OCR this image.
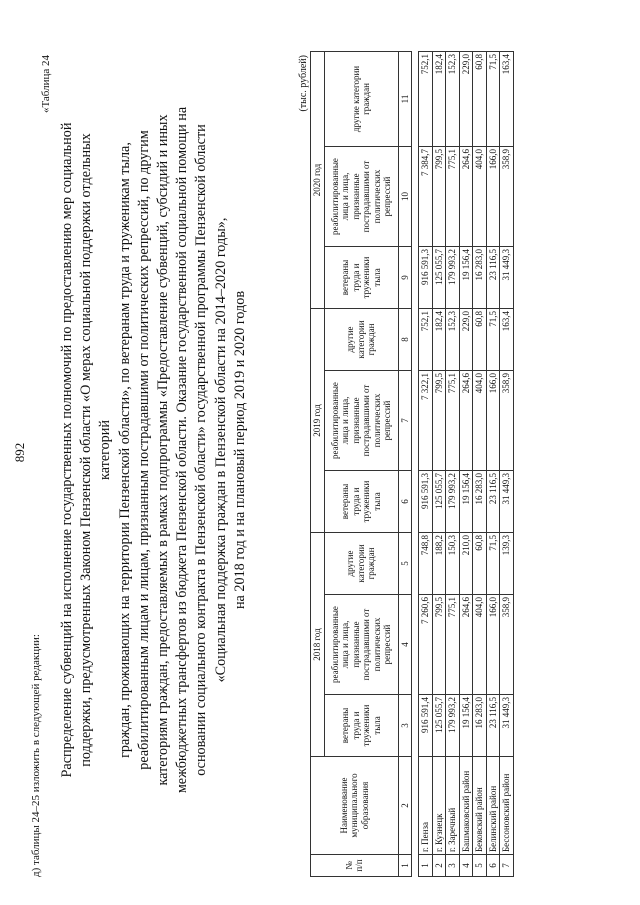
892
д) таблицы 24–25 изложить в следующей редакции:
«Таблица 24
Распределение субвенций на исполнение государственных полномочий по предоставлению мер социальной поддержки, предусмотренных Законом Пензенской области «О мерах социальной поддержки отдельных категорий граждан, проживающих на территории Пензенской области», по ветеранам труда и труженикам тыла, реабилитированным лицам и лицам, признанным пострадавшими от политических репрессий, по другим категориям граждан, предоставляемых в рамках подпрограммы «Предоставление субвенций, субсидий и иных межбюджетных трансфертов из бюджета Пензенской области. Оказание государственной социальной помощи на основании социального контракта в Пензенской области» государственной программы Пензенской области «Социальная поддержка граждан в Пензенской области на 2014–2020 годы», на 2018 год и на плановый период 2019 и 2020 годов
(тыс. рублей)
№ п/п	Наименование муниципального образования	2018 год			2019 год			2020 год		
		ветераны труда и труженики тыла	реабилитированные лица и лица, признанные пострадавшими от политических репрессий	другие категории граждан	ветераны труда и труженики тыла	реабилитированные лица и лица, признанные пострадавшими от политических репрессий	другие категории граждан	ветераны труда и труженики тыла	реабилитированные лица и лица, признанные пострадавшими от политических репрессий	другие категории граждан
1	2	3	4	5	6	7	8	9	10	11

1	г. Пенза	916 591,4	7 260,6	748,8	916 591,3	7 322,1	752,1	916 591,3	7 384,7	752,1
2	г. Кузнецк	125 055,7	799,5	188,2	125 055,7	799,5	182,4	125 055,7	799,5	182,4
3	г. Заречный	179 993,2	775,1	150,3	179 993,2	775,1	152,3	179 993,2	775,1	152,3
4	Башмаковский район	19 156,4	264,6	210,0	19 156,4	264,6	229,0	19 156,4	264,6	229,0
5	Бековский район	16 283,0	404,0	60,8	16 283,0	404,0	60,8	16 283,0	404,0	60,8
6	Белинский район	23 116,5	166,0	71,5	23 116,5	166,0	71,5	23 116,5	166,0	71,5
7	Бессоновский район	31 449,3	358,9	139,3	31 449,3	358,9	163,4	31 449,3	358,9	163,4
